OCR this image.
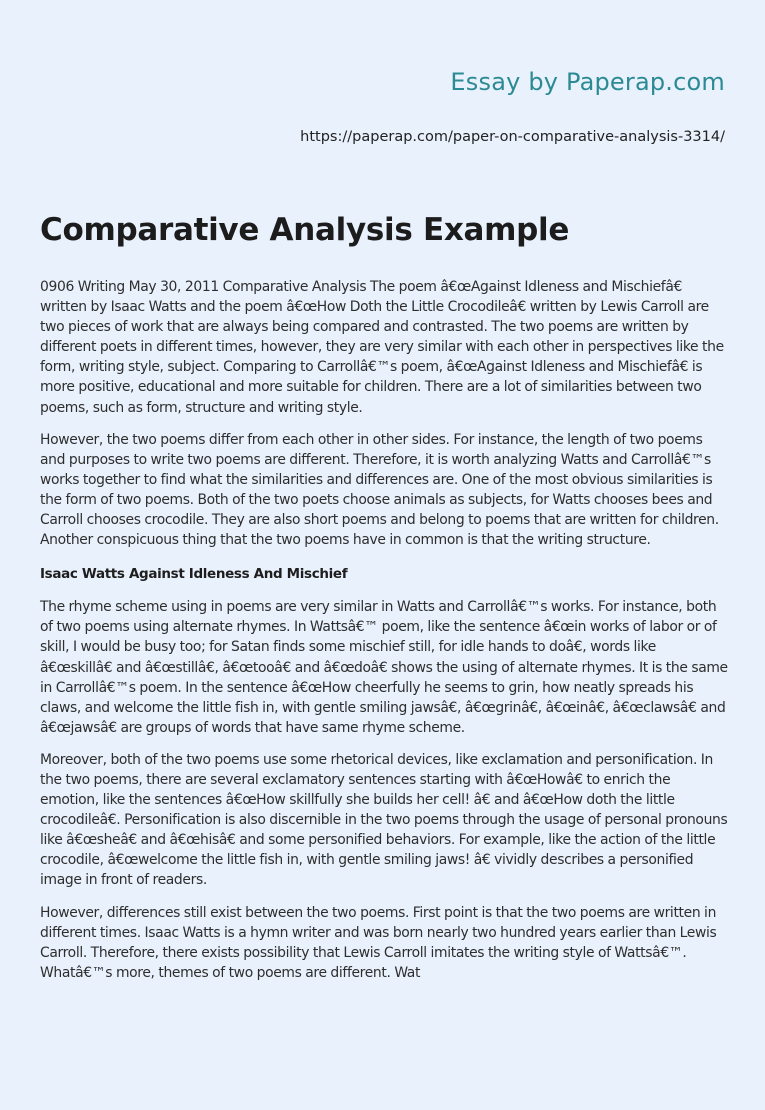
Essay by Paperap.com
https://paperap.com/paper-on-comparative-analysis-3314/
Comparative Analysis Example

0906 Writing May 30, 2011 Comparative Analysis The poem â€œAgainst Idleness and Mischiefâ€ written by Isaac Watts and the poem â€œHow Doth the Little Crocodileâ€ written by Lewis Carroll are two pieces of work that are always being compared and contrasted. The two poems are written by different poets in different times, however, they are very similar with each other in perspectives like the form, writing style, subject. Comparing to Carrollâ€™s poem, â€œAgainst Idleness and Mischiefâ€ is more positive, educational and more suitable for children. There are a lot of similarities between two poems, such as form, structure and writing style.

However, the two poems differ from each other in other sides. For instance, the length of two poems and purposes to write two poems are different. Therefore, it is worth analyzing Watts and Carrollâ€™s works together to find what the similarities and differences are. One of the most obvious similarities is the form of two poems. Both of the two poets choose animals as subjects, for Watts chooses bees and Carroll chooses crocodile. They are also short poems and belong to poems that are written for children. Another conspicuous thing that the two poems have in common is that the writing structure.

Isaac Watts Against Idleness And Mischief

The rhyme scheme using in poems are very similar in Watts and Carrollâ€™s works. For instance, both of two poems using alternate rhymes. In Wattsâ€™ poem, like the sentence â€œin works of labor or of skill, I would be busy too; for Satan finds some mischief still, for idle hands to doâ€, words like â€œskillâ€ and â€œstillâ€, â€œtooâ€ and â€œdoâ€ shows the using of alternate rhymes. It is the same in Carrollâ€™s poem. In the sentence â€œHow cheerfully he seems to grin, how neatly spreads his claws, and welcome the little fish in, with gentle smiling jawsâ€, â€œgrinâ€, â€œinâ€, â€œclawsâ€ and â€œjawsâ€ are groups of words that have same rhyme scheme.

Moreover, both of the two poems use some rhetorical devices, like exclamation and personification. In the two poems, there are several exclamatory sentences starting with â€œHowâ€ to enrich the emotion, like the sentences â€œHow skillfully she builds her cell! â€ and â€œHow doth the little crocodileâ€. Personification is also discernible in the two poems through the usage of personal pronouns like â€œsheâ€ and â€œhisâ€ and some personified behaviors. For example, like the action of the little crocodile, â€œwelcome the little fish in, with gentle smiling jaws! â€ vividly describes a personified image in front of readers.

However, differences still exist between the two poems. First point is that the two poems are written in different times. Isaac Watts is a hymn writer and was born nearly two hundred years earlier than Lewis Carroll. Therefore, there exists possibility that Lewis Carroll imitates the writing style of Wattsâ€™. Whatâ€™s more, themes of two poems are different. Wat
